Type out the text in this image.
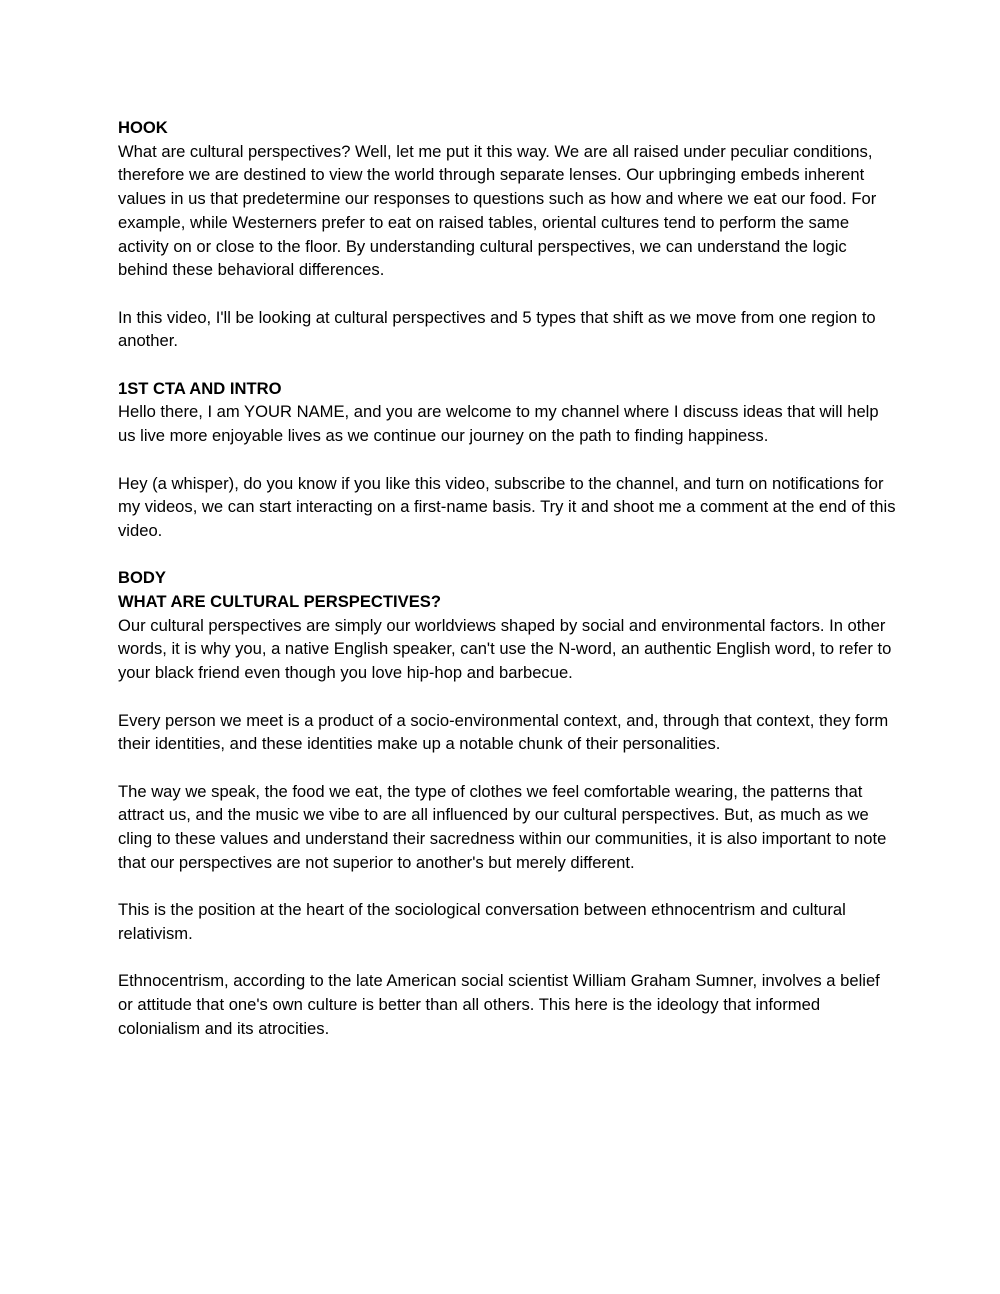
HOOK

What are cultural perspectives? Well, let me put it this way. We are all raised under peculiar conditions, therefore we are destined to view the world through separate lenses. Our upbringing embeds inherent values in us that predetermine our responses to questions such as how and where we eat our food. For example, while Westerners prefer to eat on raised tables, oriental cultures tend to perform the same activity on or close to the floor. By understanding cultural perspectives, we can understand the logic behind these behavioral differences.

In this video, I'll be looking at cultural perspectives and 5 types that shift as we move from one region to another.

1ST CTA AND INTRO

Hello there, I am YOUR NAME, and you are welcome to my channel where I discuss ideas that will help us live more enjoyable lives as we continue our journey on the path to finding happiness.

Hey (a whisper), do you know if you like this video, subscribe to the channel, and turn on notifications for my videos, we can start interacting on a first-name basis. Try it and shoot me a comment at the end of this video.

BODY

WHAT ARE CULTURAL PERSPECTIVES?

Our cultural perspectives are simply our worldviews shaped by social and environmental factors. In other words, it is why you, a native English speaker, can't use the N-word, an authentic English word, to refer to your black friend even though you love hip-hop and barbecue.

Every person we meet is a product of a socio-environmental context, and, through that context, they form their identities, and these identities make up a notable chunk of their personalities.

The way we speak, the food we eat, the type of clothes we feel comfortable wearing, the patterns that attract us, and the music we vibe to are all influenced by our cultural perspectives. But, as much as we cling to these values and understand their sacredness within our communities, it is also important to note that our perspectives are not superior to another's but merely different.

This is the position at the heart of the sociological conversation between ethnocentrism and cultural relativism.

Ethnocentrism, according to the late American social scientist William Graham Sumner, involves a belief or attitude that one's own culture is better than all others. This here is the ideology that informed colonialism and its atrocities.
